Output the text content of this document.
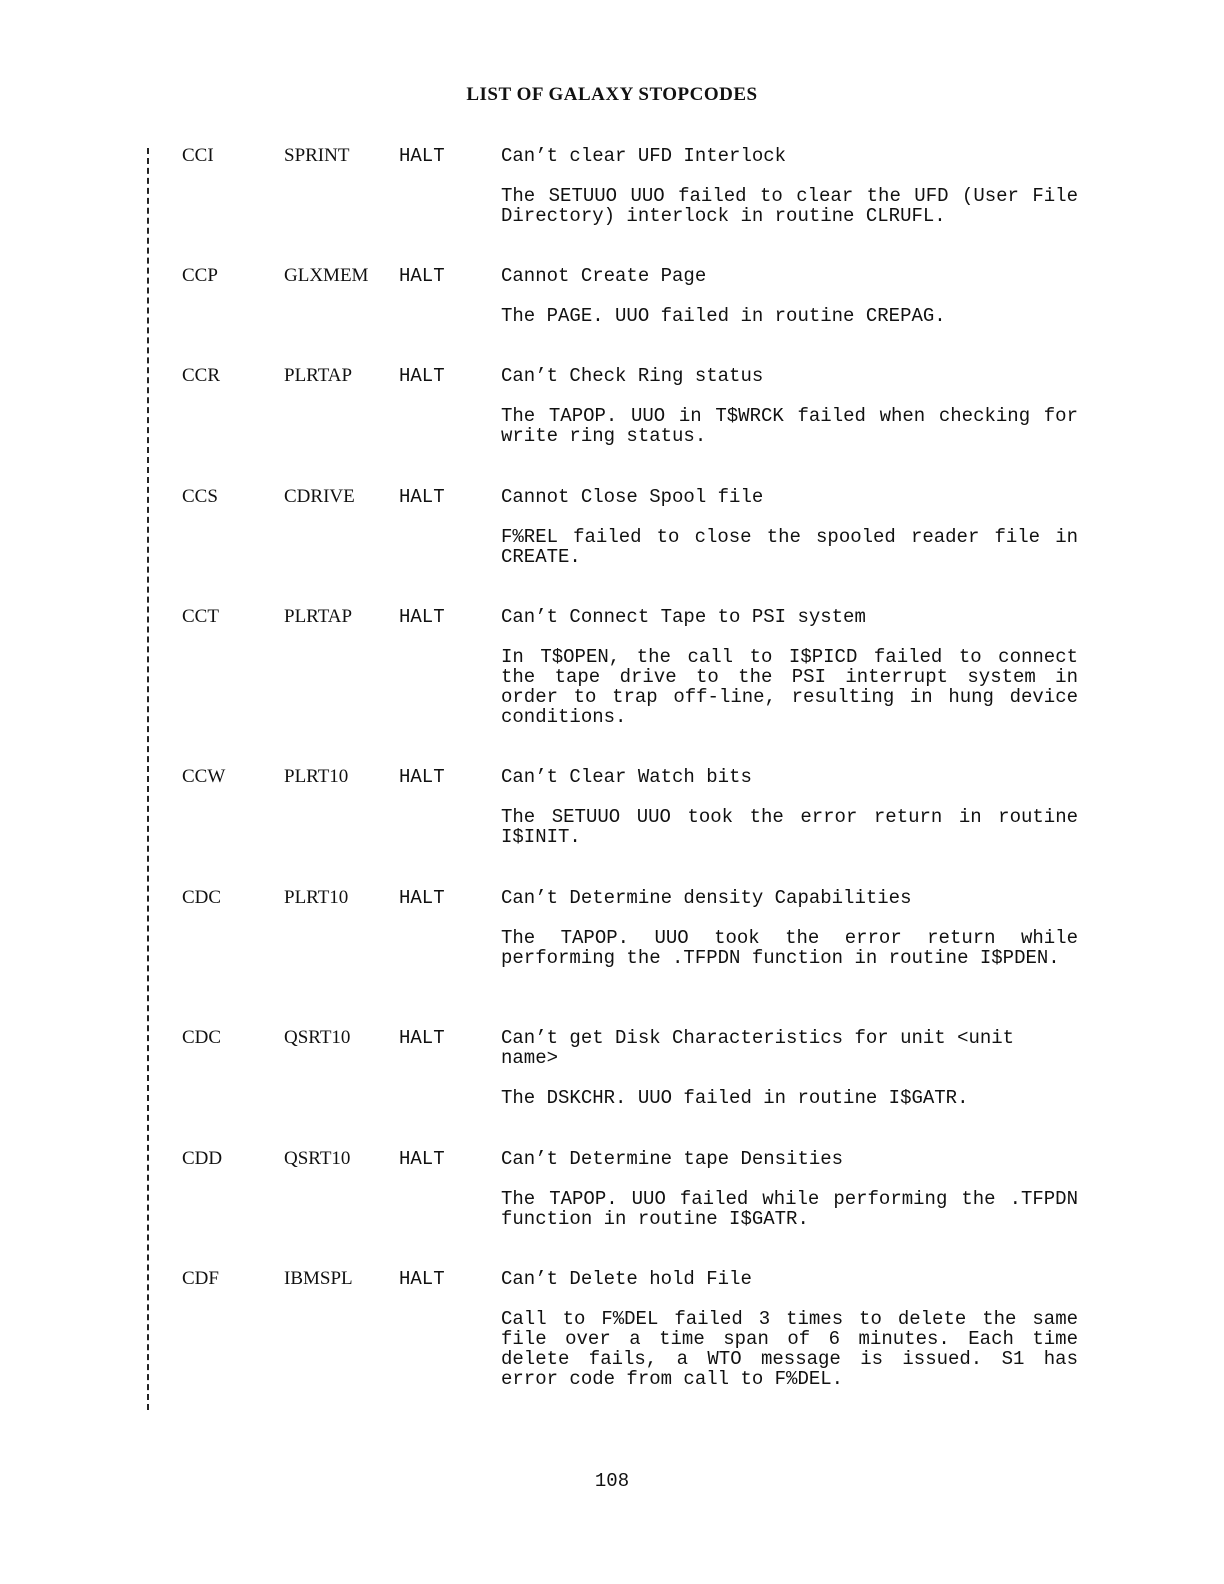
LIST OF GALAXY STOPCODES
CCI	SPRINT	HALT	Can’t clear UFD Interlock

The SETUUO UUO failed to clear the UFD (User File Directory) interlock in routine CLRUFL.

CCP	GLXMEM HALT	Cannot Create Page

The PAGE. UUO failed in routine CREPAG.

CCR	PLRTAP HALT	Can’t Check Ring status

The TAPOP. UUO in T$WRCK failed when checking for write ring status.

CCS	CDRIVE HALT	Cannot Close Spool file

F%REL failed to close the spooled reader file in CREATE.

CCT	PLRTAP HALT	Can’t Connect Tape to PSI system

In T$OPEN, the call to I$PICD failed to connect the tape drive to the PSI interrupt system in order to trap off-line, resulting in hung device conditions.

CCW	PLRT10	HALT	Can’t Clear Watch bits

The SETUUO UUO took the error return in routine I$INIT.

CDC	PLRT10	HALT	Can’t Determine density Capabilities

The TAPOP. UUO took the error return while performing the .TFPDN function in routine I$PDEN.

CDC	QSRT10	HALT	Can’t get Disk Characteristics for unit <unit name>

The DSKCHR. UUO failed in routine I$GATR.

CDD	QSRT10	HALT	Can’t Determine tape Densities

The TAPOP. UUO failed while performing the .TFPDN function in routine I$GATR.

CDF	IBMSPL HALT	Can’t Delete hold File

Call to F%DEL failed 3 times to delete the same file over a time span of 6 minutes. Each time delete fails, a WTO message is issued. S1 has error code from call to F%DEL.

108
